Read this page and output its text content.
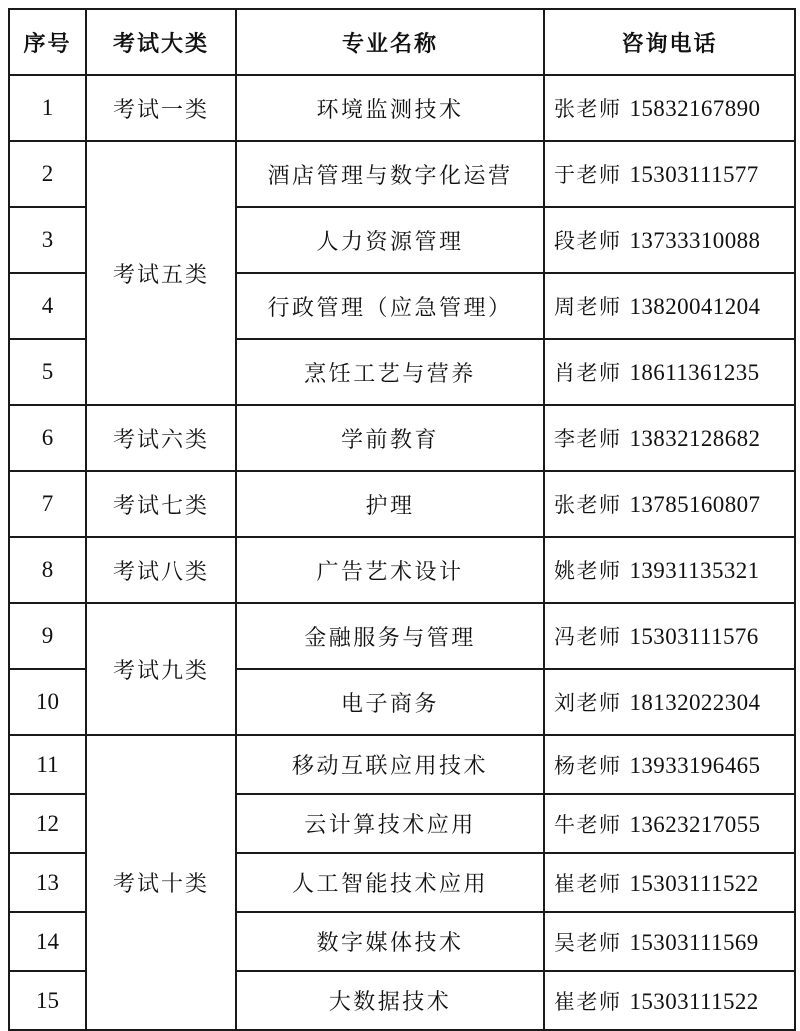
序号	考试大类	专业名称	咨询电话
1	考试一类	环境监测技术	张老师 15832167890
2	考试五类	酒店管理与数字化运营	于老师 15303111577
3		人力资源管理	段老师 13733310088
4		行政管理（应急管理）	周老师 13820041204
5		烹饪工艺与营养	肖老师 18611361235
6	考试六类	学前教育	李老师 13832128682
7	考试七类	护理	张老师 13785160807
8	考试八类	广告艺术设计	姚老师 13931135321
9	考试九类	金融服务与管理	冯老师 15303111576
10		电子商务	刘老师 18132022304
11	考试十类	移动互联应用技术	杨老师 13933196465
12		云计算技术应用	牛老师 13623217055
13		人工智能技术应用	崔老师 15303111522
14		数字媒体技术	吴老师 15303111569
15		大数据技术	崔老师 15303111522
